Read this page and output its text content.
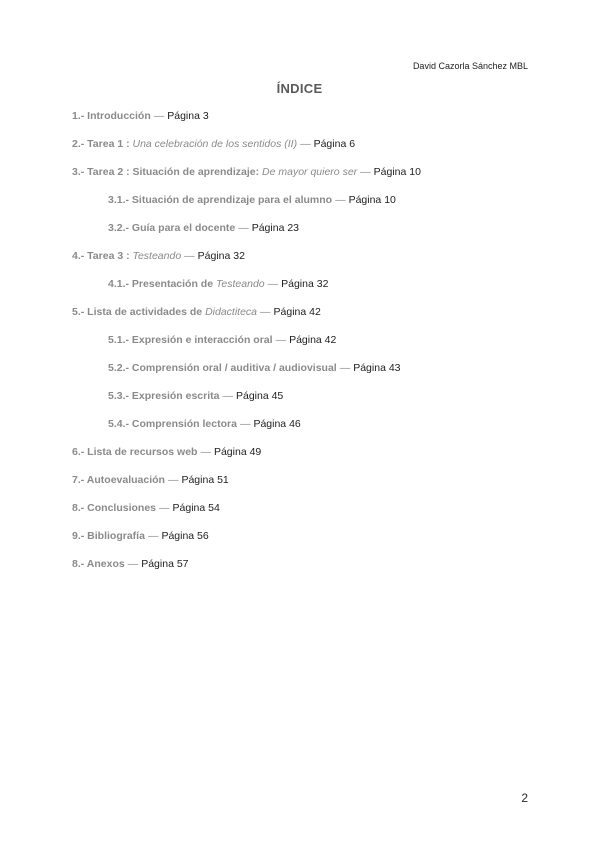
David Cazorla Sánchez MBL
ÍNDICE
1.- Introducción — Página 3
2.- Tarea 1 : Una celebración de los sentidos (II) — Página 6
3.- Tarea 2 : Situación de aprendizaje: De mayor quiero ser — Página 10
3.1.- Situación de aprendizaje para el alumno — Página 10
3.2.- Guía para el docente — Página 23
4.- Tarea 3 : Testeando — Página 32
4.1.- Presentación de Testeando — Página 32
5.- Lista de actividades de Didactiteca — Página 42
5.1.- Expresión e interacción oral — Página 42
5.2.- Comprensión oral / auditiva / audiovisual — Página 43
5.3.- Expresión escrita — Página 45
5.4.- Comprensión lectora — Página 46
6.- Lista de recursos web — Página 49
7.- Autoevaluación — Página 51
8.- Conclusiones — Página 54
9.- Bibliografía — Página 56
8.- Anexos — Página 57
2
